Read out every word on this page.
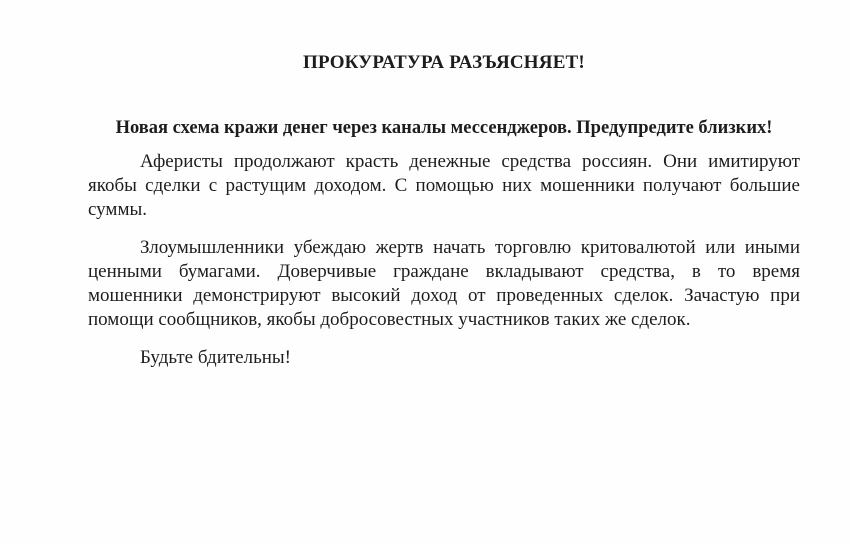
ПРОКУРАТУРА РАЗЪЯСНЯЕТ!
Новая схема кражи денег через каналы мессенджеров. Предупредите близких!

Аферисты продолжают красть денежные средства россиян. Они имитируют якобы сделки с растущим доходом. С помощью них мошенники получают большие суммы.

Злоумышленники убеждаю жертв начать торговлю критовалютой или иными ценными бумагами. Доверчивые граждане вкладывают средства, в то время мошенники демонстрируют высокий доход от проведенных сделок. Зачастую при помощи сообщников, якобы добросовестных участников таких же сделок.

Будьте бдительны!
